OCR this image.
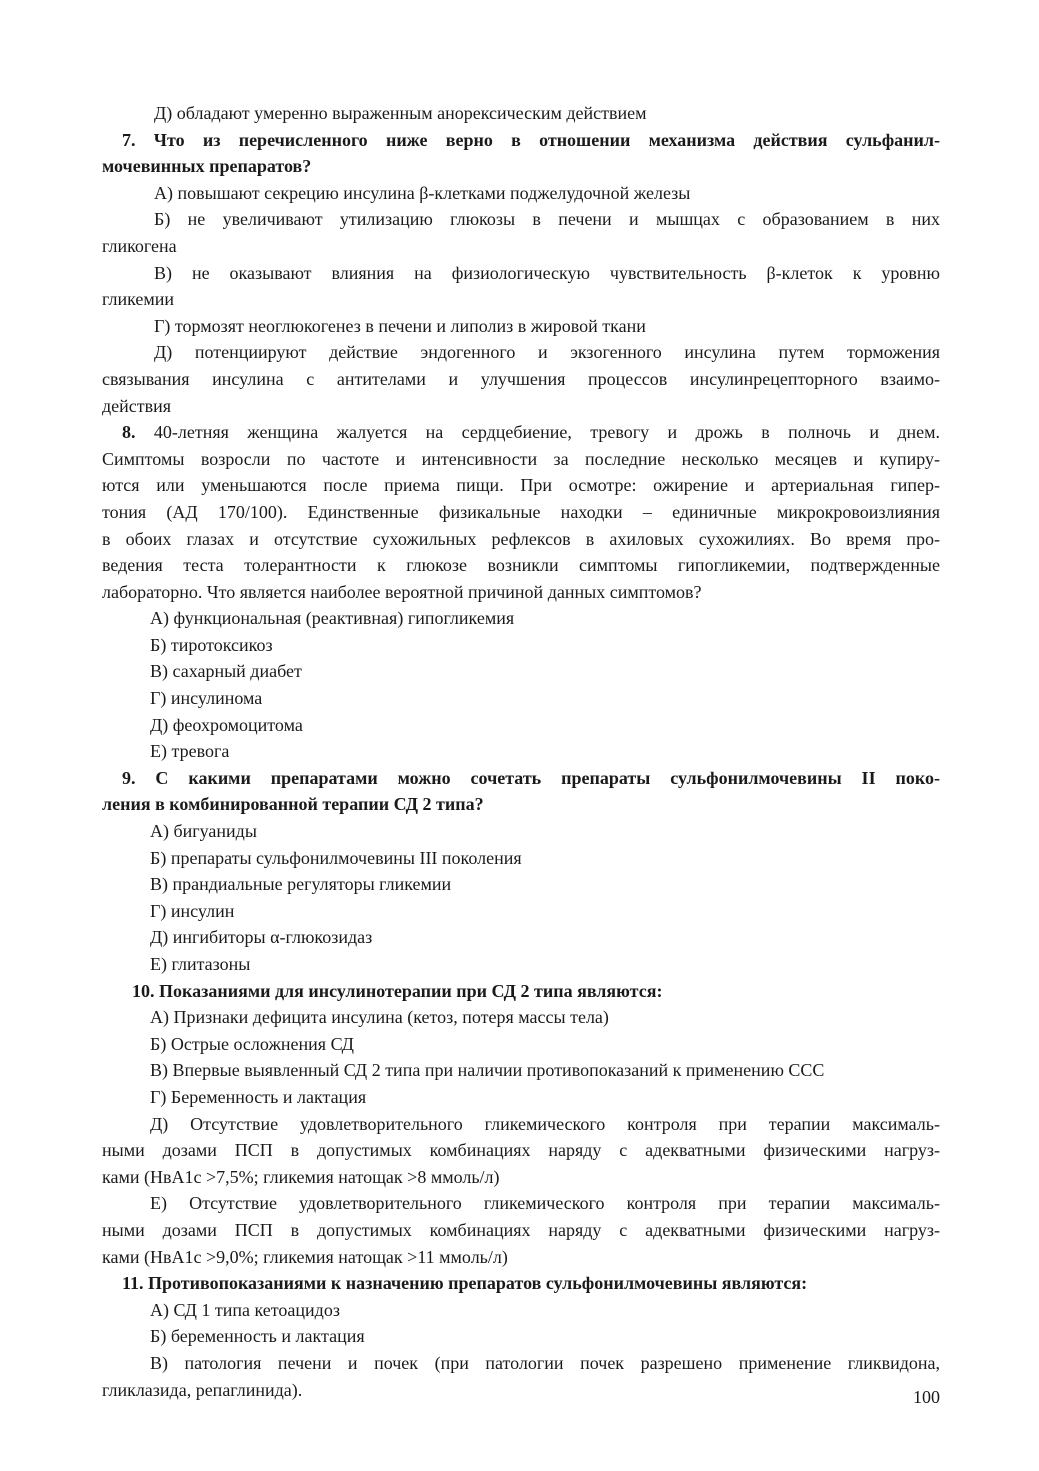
Д) обладают умеренно выраженным анорексическим действием
7. Что из перечисленного ниже верно в отношении механизма действия сульфанил-
мочевинных препаратов?
А) повышают секрецию инсулина β-клетками поджелудочной железы
Б) не увеличивают утилизацию глюкозы в печени и мышцах с образованием в них
гликогена
В) не оказывают влияния на физиологическую чувствительность β-клеток к уровню
гликемии
Г) тормозят неоглюкогенез в печени и липолиз в жировой ткани
Д) потенциируют действие эндогенного и экзогенного инсулина путем торможения
связывания инсулина с антителами и улучшения процессов инсулинрецепторного взаимо-
действия
8. 40-летняя женщина жалуется на сердцебиение, тревогу и дрожь в полночь и днем.
Симптомы возросли по частоте и интенсивности за последние несколько месяцев и купиру-
ются или уменьшаются после приема пищи. При осмотре: ожирение и артериальная гипер-
тония (АД 170/100). Единственные физикальные находки – единичные микрокровоизлияния
в обоих глазах и отсутствие сухожильных рефлексов в ахиловых сухожилиях. Во время про-
ведения теста толерантности к глюкозе возникли симптомы гипогликемии, подтвержденные
лабораторно. Что является наиболее вероятной причиной данных симптомов?
А) функциональная (реактивная) гипогликемия
Б) тиротоксикоз
В) сахарный диабет
Г) инсулинома
Д) феохромоцитома
Е) тревога
9. С какими препаратами можно сочетать препараты сульфонилмочевины II поко-
ления в комбинированной терапии СД 2 типа?
А) бигуаниды
Б) препараты сульфонилмочевины III поколения
В) прандиальные регуляторы гликемии
Г) инсулин
Д) ингибиторы α-глюкозидаз
Е) глитазоны
10. Показаниями для инсулинотерапии при СД 2 типа являются:
А) Признаки дефицита инсулина (кетоз, потеря массы тела)
Б) Острые осложнения СД
В) Впервые выявленный СД 2 типа при наличии противопоказаний к применению ССС
Г) Беременность и лактация
Д) Отсутствие удовлетворительного гликемического контроля при терапии максималь-
ными дозами ПСП в допустимых комбинациях наряду с адекватными физическими нагруз-
ками (HвA1c >7,5%; гликемия натощак >8 ммоль/л)
Е) Отсутствие удовлетворительного гликемического контроля при терапии максималь-
ными дозами ПСП в допустимых комбинациях наряду с адекватными физическими нагруз-
ками (HвA1c >9,0%; гликемия натощак >11 ммоль/л)
11. Противопоказаниями к назначению препаратов сульфонилмочевины являются:
А) СД 1 типа кетоацидоз
Б) беременность и лактация
В) патология печени и почек (при патологии почек разрешено применение гликвидона,
гликлазида, репаглинида).	100
